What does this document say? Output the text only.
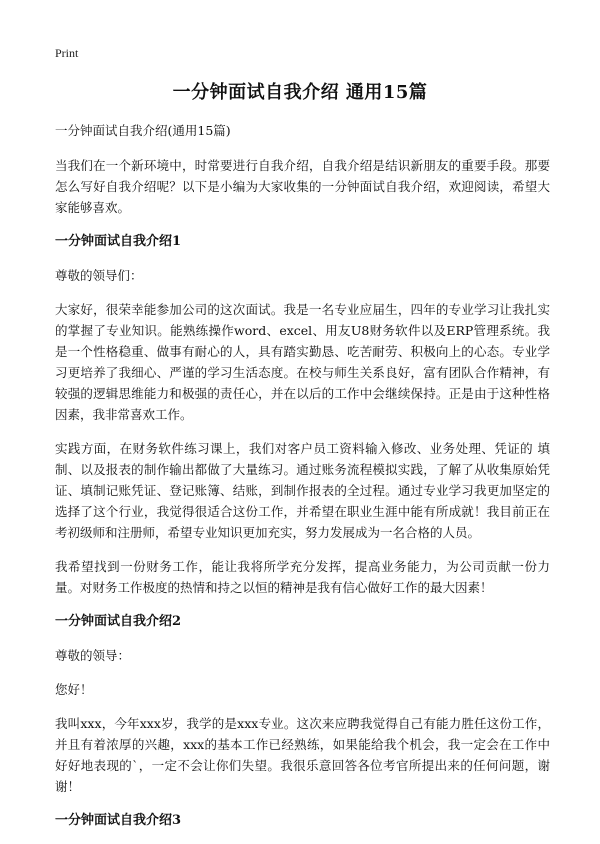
Print
一分钟面试自我介绍 通用15篇

一分钟面试自我介绍(通用15篇)

当我们在一个新环境中，时常要进行自我介绍，自我介绍是结识新朋友的重要手段。那要怎么写好自我介绍呢？以下是小编为大家收集的一分钟面试自我介绍，欢迎阅读，希望大家能够喜欢。

一分钟面试自我介绍1

尊敬的领导们：

大家好，很荣幸能参加公司的这次面试。我是一名专业应届生，四年的专业学习让我扎实的掌握了专业知识。能熟练操作word、excel、用友U8财务软件以及ERP管理系统。我是一个性格稳重、做事有耐心的人，具有踏实勤恳、吃苦耐劳、积极向上的心态。专业学习更培养了我细心、严谨的学习生活态度。在校与师生关系良好，富有团队合作精神，有较强的逻辑思维能力和极强的责任心，并在以后的工作中会继续保持。正是由于这种性格因素，我非常喜欢工作。

实践方面，在财务软件练习课上，我们对客户员工资料输入修改、业务处理、凭证的 填制、以及报表的制作输出都做了大量练习。通过账务流程模拟实践，了解了从收集原始凭证、填制记账凭证、登记账簿、结账，到制作报表的全过程。通过专业学习我更加坚定的选择了这个行业，我觉得很适合这份工作，并希望在职业生涯中能有所成就！我目前正在考初级师和注册师，希望专业知识更加充实，努力发展成为一名合格的人员。

我希望找到一份财务工作，能让我将所学充分发挥，提高业务能力，为公司贡献一份力量。对财务工作极度的热情和持之以恒的精神是我有信心做好工作的最大因素！

一分钟面试自我介绍2

尊敬的领导：

您好！

我叫xxx，今年xxx岁，我学的是xxx专业。这次来应聘我觉得自己有能力胜任这份工作，并且有着浓厚的兴趣，xxx的基本工作已经熟练，如果能给我个机会，我一定会在工作中好好地表现的`，一定不会让你们失望。我很乐意回答各位考官所提出来的任何问题，谢谢！

一分钟面试自我介绍3
